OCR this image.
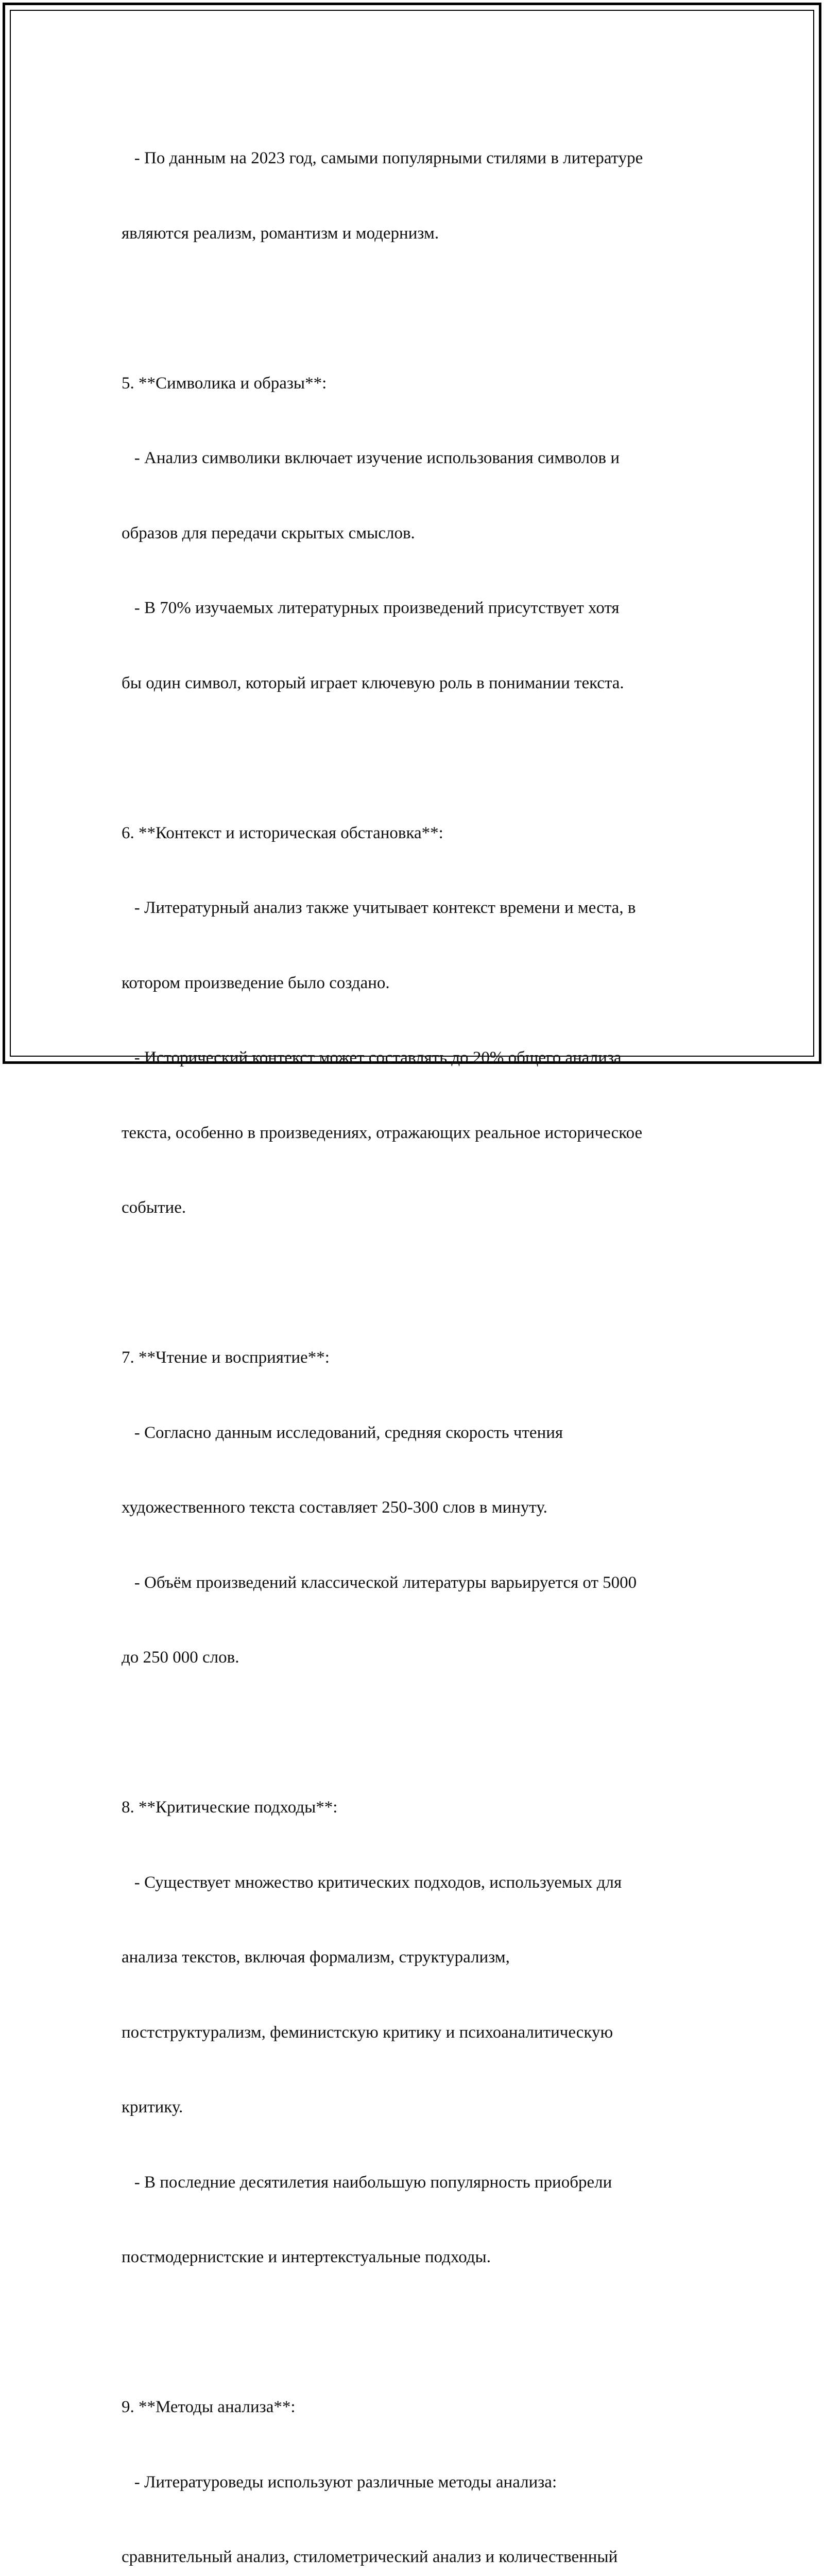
- По данным на 2023 год, самыми популярными стилями в литературе

являются реализм, романтизм и модернизм.

5. **Символика и образы**:

- Анализ символики включает изучение использования символов и

образов для передачи скрытых смыслов.

- В 70% изучаемых литературных произведений присутствует хотя

бы один символ, который играет ключевую роль в понимании текста.

6. **Контекст и историческая обстановка**:

- Литературный анализ также учитывает контекст времени и места, в

котором произведение было создано.

- Исторический контекст может составлять до 20% общего анализа

текста, особенно в произведениях, отражающих реальное историческое

событие.

7. **Чтение и восприятие**:

- Согласно данным исследований, средняя скорость чтения

художественного текста составляет 250-300 слов в минуту.

- Объём произведений классической литературы варьируется от 5000

до 250 000 слов.

8. **Критические подходы**:

- Существует множество критических подходов, используемых для

анализа текстов, включая формализм, структурализм,

постструктурализм, феминистскую критику и психоаналитическую

критику.

- В последние десятилетия наибольшую популярность приобрели

постмодернистские и интертекстуальные подходы.

9. **Методы анализа**:

- Литературоведы используют различные методы анализа:

сравнительный анализ, стилометрический анализ и количественный
